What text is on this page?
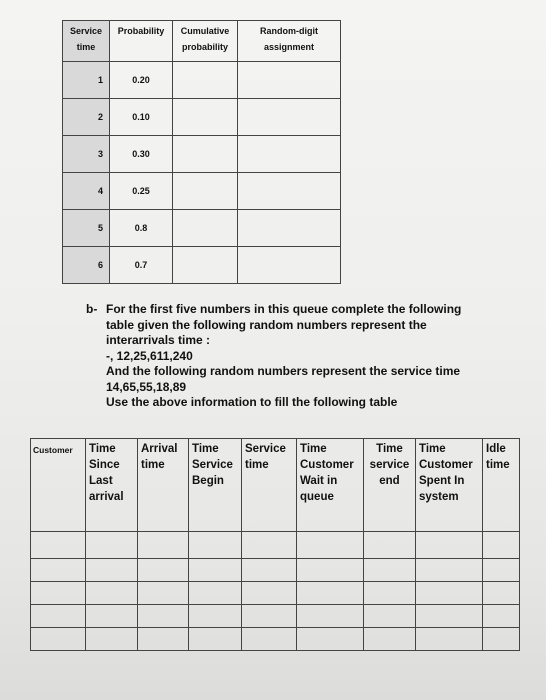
Service time	Probability	Cumulative probability	Random-digit assignment
1	0.20		
2	0.10		
3	0.30		
4	0.25		
5	0.8		
6	0.7		
b- For the first five numbers in this queue complete the following

table given the following random numbers represent the

interarrivals time :

-, 12,25,611,240

And the following random numbers represent the service time

14,65,55,18,89

Use the above information to fill the following table

Customer	Time Since Last arrival	Arrival time	Time Service Begin	Service time	Time Customer Wait in queue	Time service end	Time Customer Spent In system	Idle time
